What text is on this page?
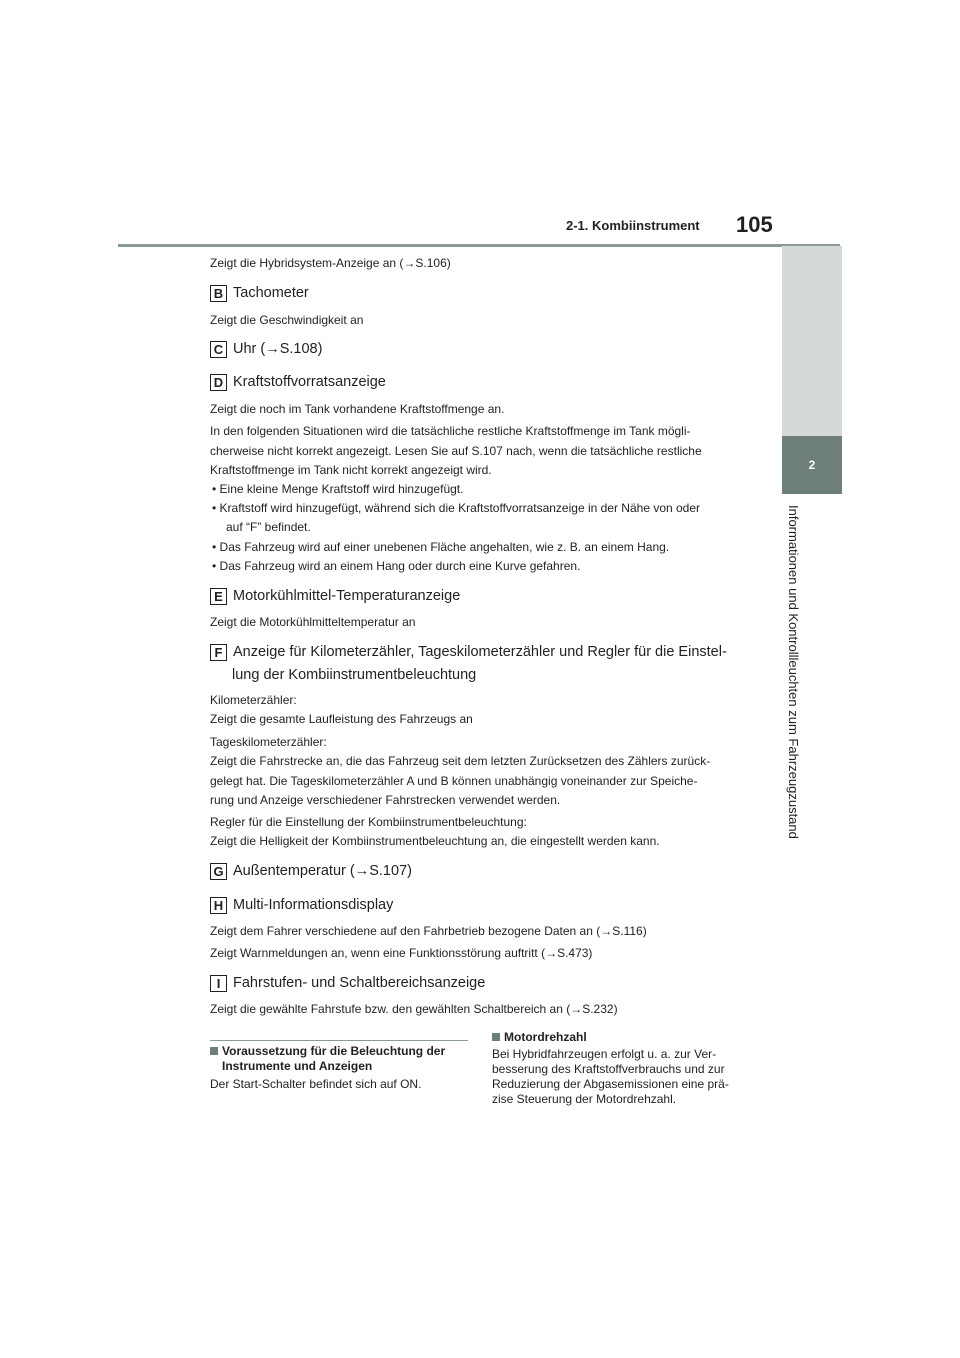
2-1. Kombiinstrument 105
2
Informationen und Kontrollleuchten zum Fahrzeugzustand
Zeigt die Hybridsystem-Anzeige an (→S.106)
B Tachometer
Zeigt die Geschwindigkeit an
C Uhr (→S.108)
D Kraftstoffvorratsanzeige
Zeigt die noch im Tank vorhandene Kraftstoffmenge an.
In den folgenden Situationen wird die tatsächliche restliche Kraftstoffmenge im Tank mögli-
cherweise nicht korrekt angezeigt. Lesen Sie auf S.107 nach, wenn die tatsächliche restliche
Kraftstoffmenge im Tank nicht korrekt angezeigt wird.
• Eine kleine Menge Kraftstoff wird hinzugefügt.
• Kraftstoff wird hinzugefügt, während sich die Kraftstoffvorratsanzeige in der Nähe von oder
auf “F” befindet.
• Das Fahrzeug wird auf einer unebenen Fläche angehalten, wie z. B. an einem Hang.
• Das Fahrzeug wird an einem Hang oder durch eine Kurve gefahren.
E Motorkühlmittel-Temperaturanzeige
Zeigt die Motorkühlmitteltemperatur an
F Anzeige für Kilometerzähler, Tageskilometerzähler und Regler für die Einstel-
lung der Kombiinstrumentbeleuchtung
Kilometerzähler:
Zeigt die gesamte Laufleistung des Fahrzeugs an
Tageskilometerzähler:
Zeigt die Fahrstrecke an, die das Fahrzeug seit dem letzten Zurücksetzen des Zählers zurück-
gelegt hat. Die Tageskilometerzähler A und B können unabhängig voneinander zur Speiche-
rung und Anzeige verschiedener Fahrstrecken verwendet werden.
Regler für die Einstellung der Kombiinstrumentbeleuchtung:
Zeigt die Helligkeit der Kombiinstrumentbeleuchtung an, die eingestellt werden kann.
G Außentemperatur (→S.107)
H Multi-Informationsdisplay
Zeigt dem Fahrer verschiedene auf den Fahrbetrieb bezogene Daten an (→S.116)
Zeigt Warnmeldungen an, wenn eine Funktionsstörung auftritt (→S.473)
I Fahrstufen- und Schaltbereichsanzeige
Zeigt die gewählte Fahrstufe bzw. den gewählten Schaltbereich an (→S.232)
Voraussetzung für die Beleuchtung der
Instrumente und Anzeigen
Der Start-Schalter befindet sich auf ON.
Motordrehzahl
Bei Hybridfahrzeugen erfolgt u. a. zur Ver-
besserung des Kraftstoffverbrauchs und zur
Reduzierung der Abgasemissionen eine prä-
zise Steuerung der Motordrehzahl.
